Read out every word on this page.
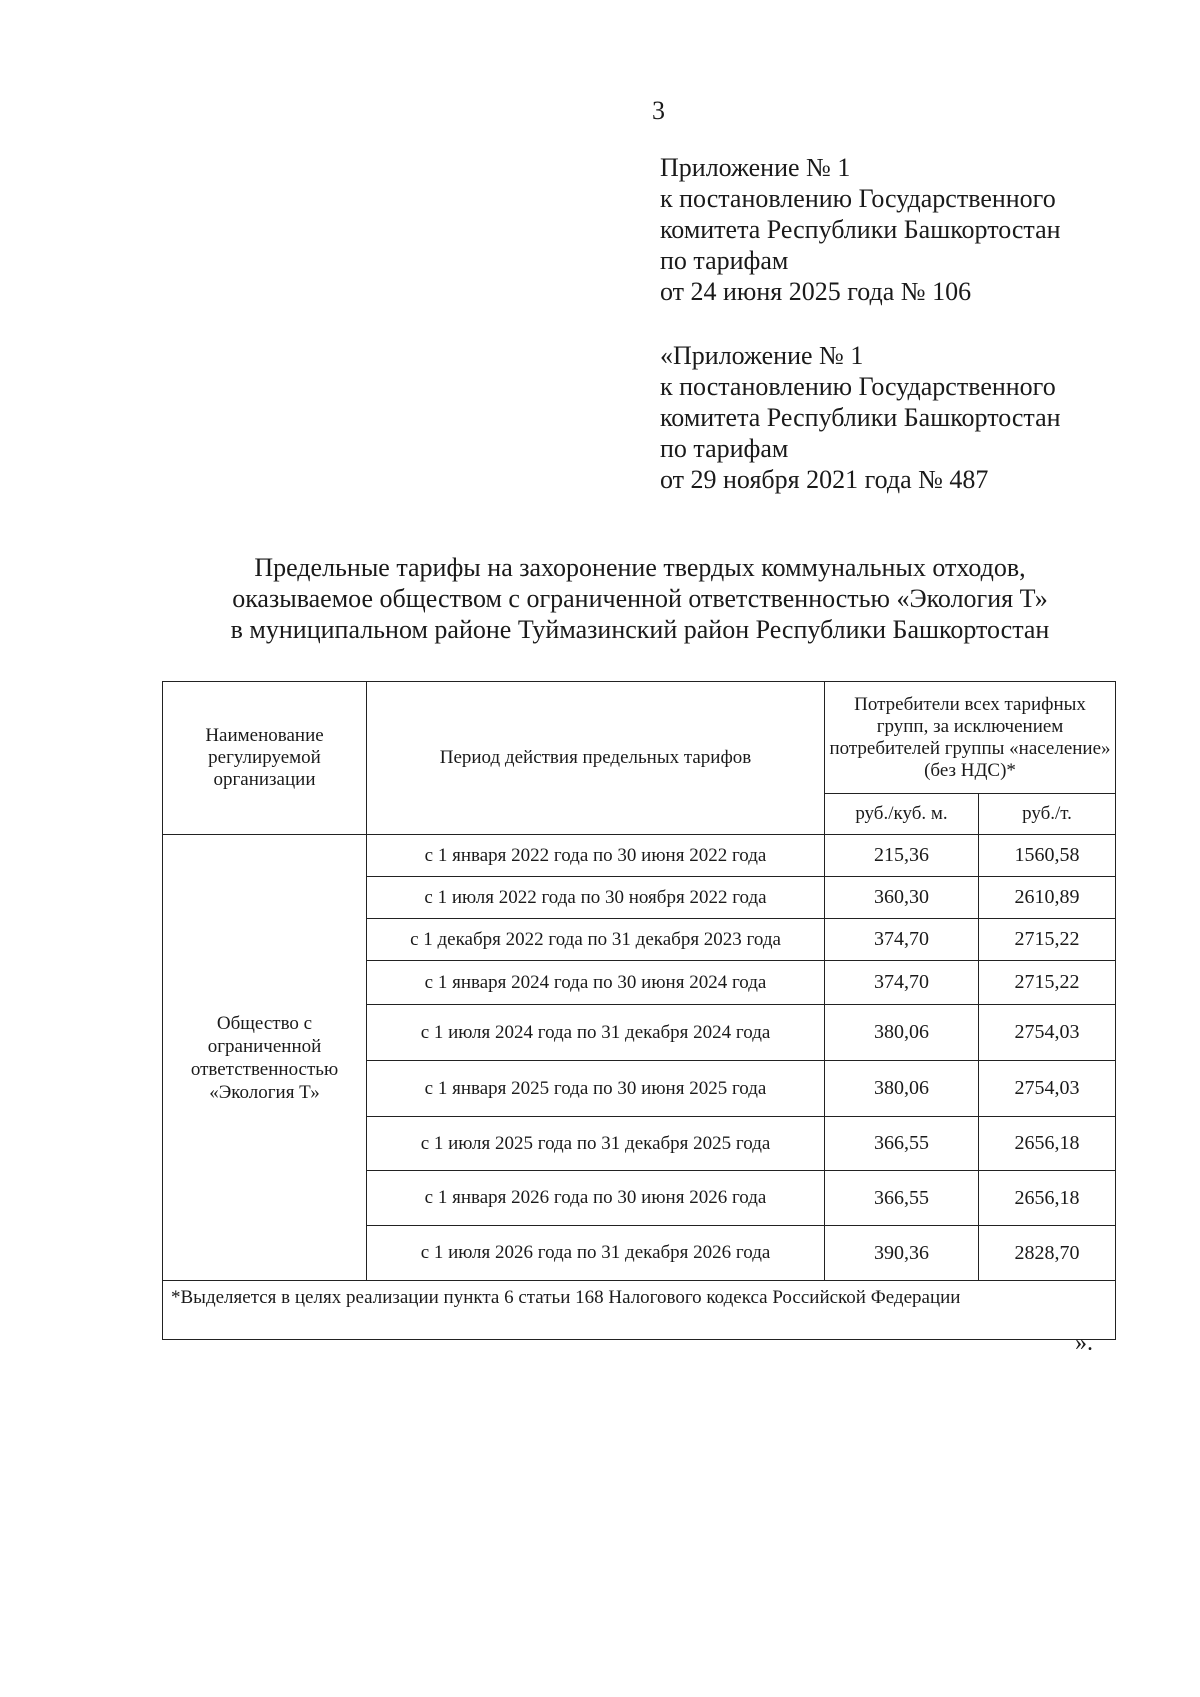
3
Приложение № 1
к постановлению Государственного
комитета Республики Башкортостан
по тарифам
от 24 июня 2025 года № 106
«Приложение № 1
к постановлению Государственного
комитета Республики Башкортостан
по тарифам
от 29 ноября 2021 года № 487
Предельные тарифы на захоронение твердых коммунальных отходов,
оказываемое обществом с ограниченной ответственностью «Экология Т»
в муниципальном районе Туймазинский район Республики Башкортостан
Наименование регулируемой организации	Период действия предельных тарифов	Потребители всех тарифных групп, за исключением потребителей группы «население» (без НДС)*	
		руб./куб. м.	руб./т.
Общество с ограниченной ответственностью «Экология Т»	с 1 января 2022 года по 30 июня 2022 года	215,36	1560,58
	с 1 июля 2022 года по 30 ноября 2022 года	360,30	2610,89
	с 1 декабря 2022 года по 31 декабря 2023 года	374,70	2715,22
	с 1 января 2024 года по 30 июня 2024 года	374,70	2715,22
	с 1 июля 2024 года по 31 декабря 2024 года	380,06	2754,03
	с 1 января 2025 года по 30 июня 2025 года	380,06	2754,03
	с 1 июля 2025 года по 31 декабря 2025 года	366,55	2656,18
	с 1 января 2026 года по 30 июня 2026 года	366,55	2656,18
	с 1 июля 2026 года по 31 декабря 2026 года	390,36	2828,70
*Выделяется в целях реализации пункта 6 статьи 168 Налогового кодекса Российской Федерации			
».
